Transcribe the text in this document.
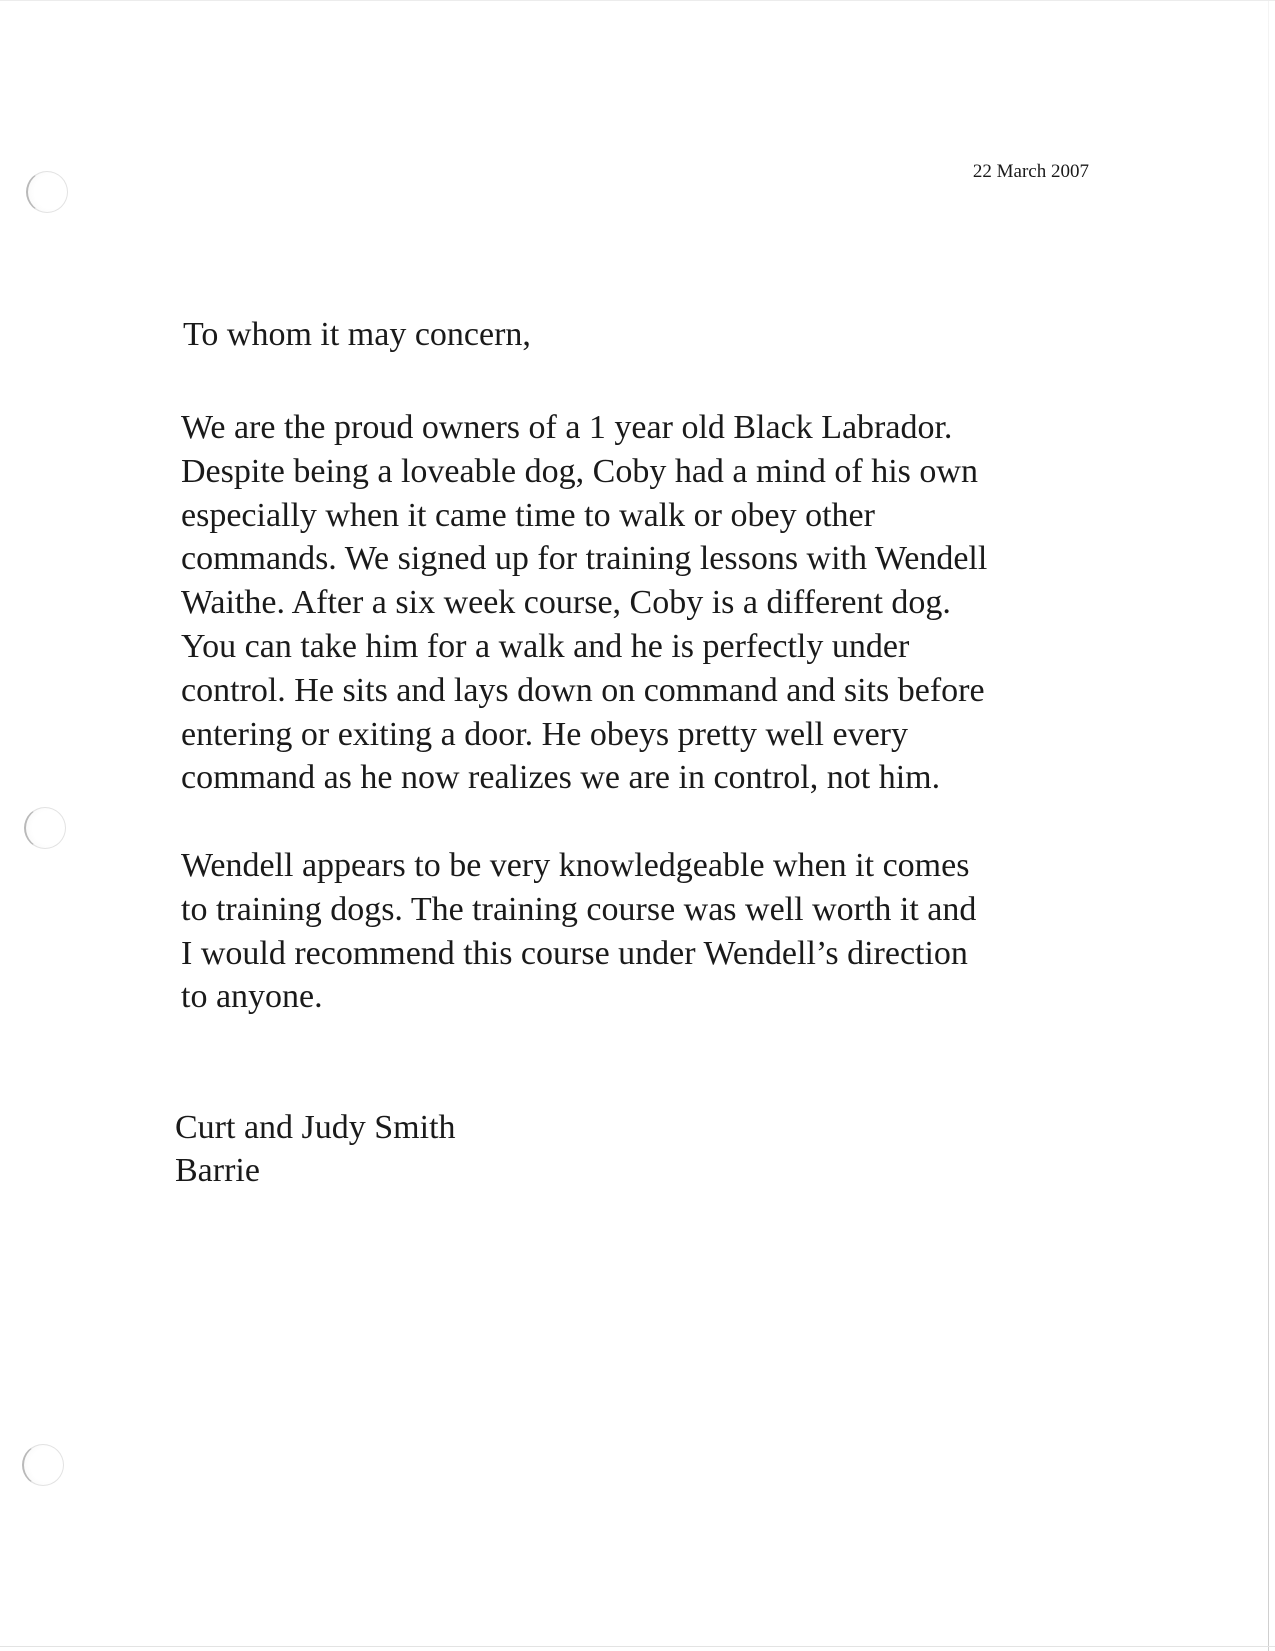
22 March 2007
To whom it may concern,

We are the proud owners of a 1 year old Black Labrador.
Despite being a loveable dog, Coby had a mind of his own
especially when it came time to walk or obey other
commands. We signed up for training lessons with Wendell
Waithe. After a six week course, Coby is a different dog.
You can take him for a walk and he is perfectly under
control. He sits and lays down on command and sits before
entering or exiting a door. He obeys pretty well every
command as he now realizes we are in control, not him.

Wendell appears to be very knowledgeable when it comes
to training dogs. The training course was well worth it and
I would recommend this course under Wendell’s direction
to anyone.

Curt and Judy Smith
Barrie
